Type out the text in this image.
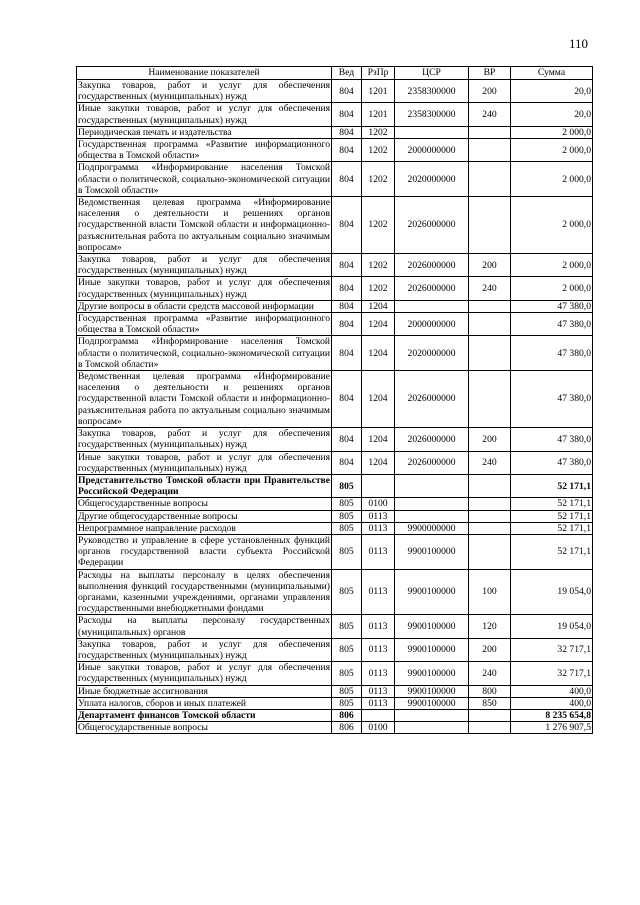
110
Наименование показателей	Вед	РзПр	ЦСР	ВР	Сумма
Закупка товаров, работ и услуг для обеспечения государственных (муниципальных) нужд	804	1201	2358300000	200	20,0
Иные закупки товаров, работ и услуг для обеспечения государственных (муниципальных) нужд	804	1201	2358300000	240	20,0
Периодическая печать и издательства	804	1202			2 000,0
Государственная программа «Развитие информационного общества в Томской области»	804	1202	2000000000		2 000,0
Подпрограмма «Информирование населения Томской области о политической, социально-экономической ситуации в Томской области»	804	1202	2020000000		2 000,0
Ведомственная целевая программа «Информирование населения о деятельности и решениях органов государственной власти Томской области и информационно-разъяснительная работа по актуальным социально значимым вопросам»	804	1202	2026000000		2 000,0
Закупка товаров, работ и услуг для обеспечения государственных (муниципальных) нужд	804	1202	2026000000	200	2 000,0
Иные закупки товаров, работ и услуг для обеспечения государственных (муниципальных) нужд	804	1202	2026000000	240	2 000,0
Другие вопросы в области средств массовой информации	804	1204			47 380,0
Государственная программа «Развитие информационного общества в Томской области»	804	1204	2000000000		47 380,0
Подпрограмма «Информирование населения Томской области о политической, социально-экономической ситуации в Томской области»	804	1204	2020000000		47 380,0
Ведомственная целевая программа «Информирование населения о деятельности и решениях органов государственной власти Томской области и информационно-разъяснительная работа по актуальным социально значимым вопросам»	804	1204	2026000000		47 380,0
Закупка товаров, работ и услуг для обеспечения государственных (муниципальных) нужд	804	1204	2026000000	200	47 380,0
Иные закупки товаров, работ и услуг для обеспечения государственных (муниципальных) нужд	804	1204	2026000000	240	47 380,0
Представительство Томской области при Правительстве Российской Федерации	805				52 171,1
Общегосударственные вопросы	805	0100			52 171,1
Другие общегосударственные вопросы	805	0113			52 171,1
Непрограммное направление расходов	805	0113	9900000000		52 171,1
Руководство и управление в сфере установленных функций органов государственной власти субъекта Российской Федерации	805	0113	9900100000		52 171,1
Расходы на выплаты персоналу в целях обеспечения выполнения функций государственными (муниципальными) органами, казенными учреждениями, органами управления государственными внебюджетными фондами	805	0113	9900100000	100	19 054,0
Расходы на выплаты персоналу государственных (муниципальных) органов	805	0113	9900100000	120	19 054,0
Закупка товаров, работ и услуг для обеспечения государственных (муниципальных) нужд	805	0113	9900100000	200	32 717,1
Иные закупки товаров, работ и услуг для обеспечения государственных (муниципальных) нужд	805	0113	9900100000	240	32 717,1
Иные бюджетные ассигнования	805	0113	9900100000	800	400,0
Уплата налогов, сборов и иных платежей	805	0113	9900100000	850	400,0
Департамент финансов Томской области	806				8 235 654,8
Общегосударственные вопросы	806	0100			1 276 907,5
